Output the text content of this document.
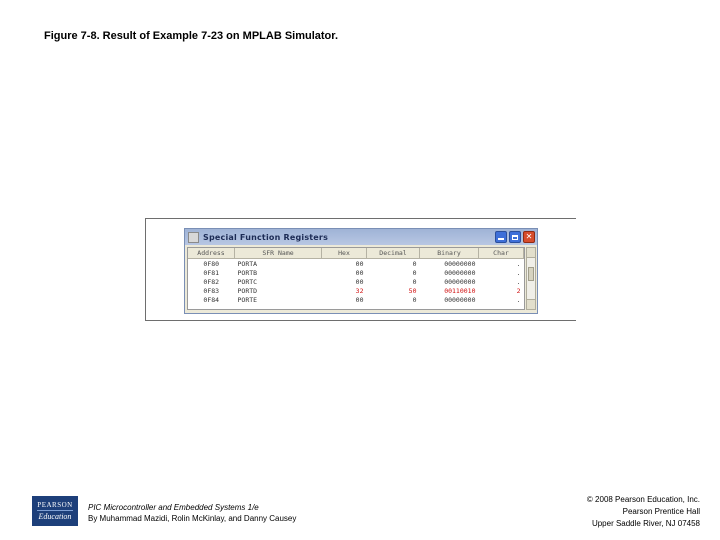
Figure 7-8. Result of Example 7-23 on MPLAB Simulator.
Special Function Registers	✕
Address	SFR Name	Hex	Decimal	Binary	Char
0F80	PORTA	00	0	00000000	.
0F81	PORTB	00	0	00000000	.
0F82	PORTC	00	0	00000000	.
0F83	PORTD	32	50	00110010	2
0F84	PORTE	00	0	00000000	.
PEARSON
Education
PIC Microcontroller and Embedded Systems 1/e
By Muhammad Mazidi, Rolin McKinlay, and Danny Causey
© 2008 Pearson Education, Inc.
Pearson Prentice Hall
Upper Saddle River, NJ 07458
